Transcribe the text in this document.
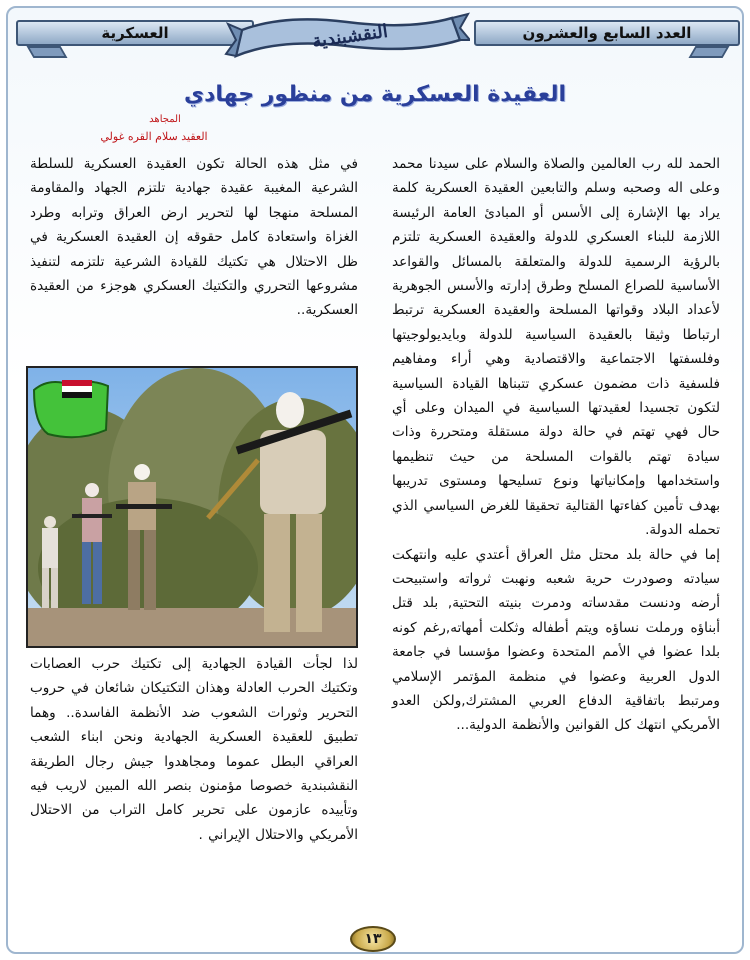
العسكرية	العدد السابع والعشرون
النقشبندية
العقيدة العسكرية من منظور جهادي
المجاهد
العقيد سلام القره غولي

الحمد لله رب العالمين والصلاة والسلام على سيدنا محمد وعلى اله وصحبه وسلم والتابعين العقيدة العسكرية كلمة يراد بها الإشارة إلى الأسس أو المبادئ العامة الرئيسة اللازمة للبناء العسكري للدولة والعقيدة العسكرية تلتزم بالرؤية الرسمية للدولة والمتعلقة بالمسائل والقواعد الأساسية للصراع المسلح وطرق إدارته والأسس الجوهرية لأعداد البلاد وقواتها المسلحة والعقيدة العسكرية ترتبط ارتباطا وثيقا بالعقيدة السياسية للدولة وبايديولوجيتها وفلسفتها الاجتماعية والاقتصادية وهي أراء ومفاهيم فلسفية ذات مضمون عسكري تتبناها القيادة السياسية لتكون تجسيدا لعقيدتها السياسية في الميدان وعلى أي حال فهي تهتم في حالة دولة مستقلة ومتحررة وذات سيادة تهتم بالقوات المسلحة من حيث تنظيمها واستخدامها وإمكانياتها ونوع تسليحها ومستوى تدريبها بهدف تأمين كفاءتها القتالية تحقيقا للغرض السياسي الذي تحمله الدولة.

إما في حالة بلد محتل مثل العراق أعتدي عليه وانتهكت سيادته وصودرت حرية شعبه ونهبت ثرواته واستبيحت أرضه ودنست مقدساته ودمرت بنيته التحتية, بلد قتل أبناؤه ورملت نساؤه ويتم أطفاله وثكلت أمهاته,رغم كونه بلدا عضوا في الأمم المتحدة وعضوا مؤسسا في جامعة الدول العربية وعضوا في منظمة المؤتمر الإسلامي ومرتبط باتفاقية الدفاع العربي المشترك,ولكن العدو الأمريكي انتهك كل القوانين والأنظمة الدولية...

في مثل هذه الحالة تكون العقيدة العسكرية للسلطة الشرعية المغيبة عقيدة جهادية تلتزم الجهاد والمقاومة المسلحة منهجا لها لتحرير ارض العراق وترابه وطرد الغزاة واستعادة كامل حقوقه إن العقيدة العسكرية في ظل الاحتلال هي تكتيك للقيادة الشرعية تلتزمه لتنفيذ مشروعها التحرري والتكتيك العسكري هوجزء من العقيدة العسكرية..

لذا لجأت القيادة الجهادية إلى تكتيك حرب العصابات وتكتيك الحرب العادلة وهذان التكتيكان شائعان في حروب التحرير وثورات الشعوب ضد الأنظمة الفاسدة.. وهما تطبيق للعقيدة العسكرية الجهادية ونحن ابناء الشعب العراقي البطل عموما ومجاهدوا جيش رجال الطريقة النقشبندية خصوصا مؤمنون بنصر الله المبين لاريب فيه وتأييده عازمون على تحرير كامل التراب من الاحتلال الأمريكي والاحتلال الإيراني .

١٣
